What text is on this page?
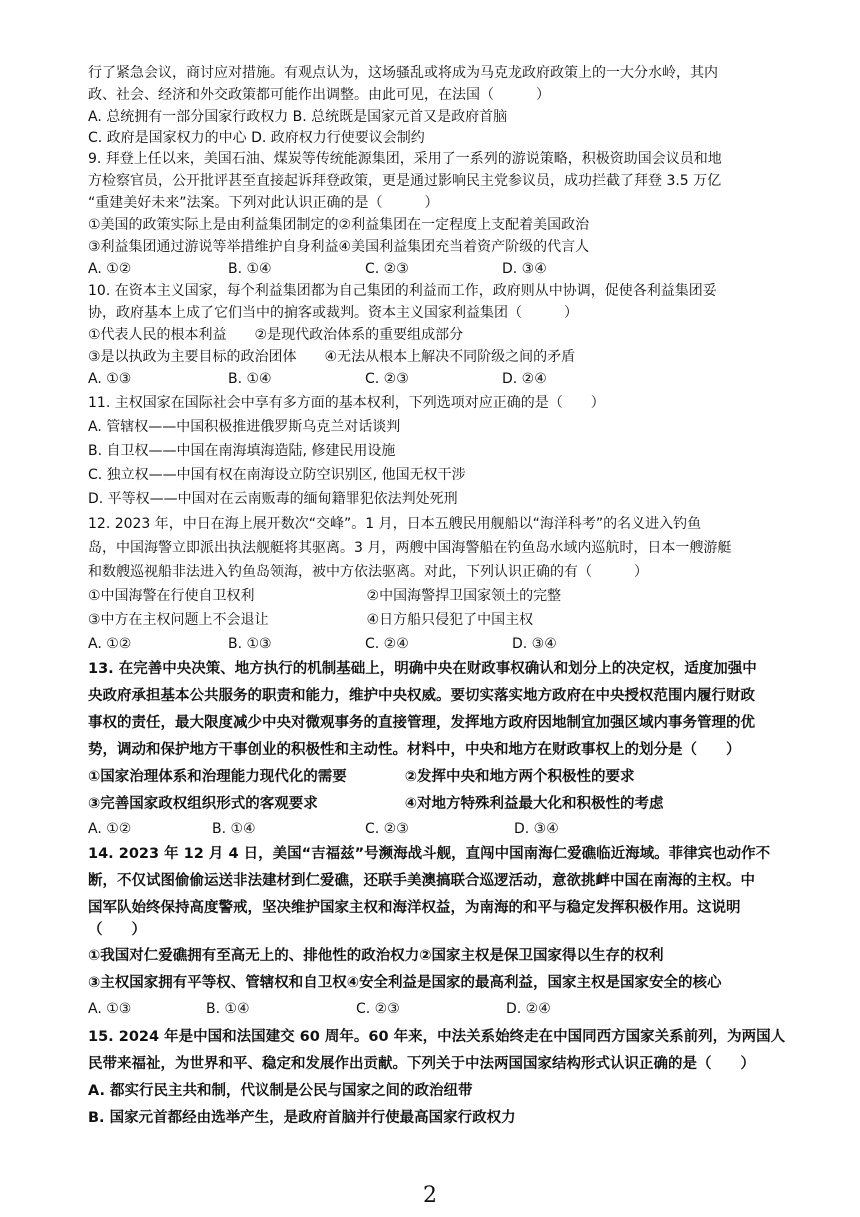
行了紧急会议，商讨应对措施。有观点认为，这场骚乱或将成为马克龙政府政策上的一大分水岭，其内
政、社会、经济和外交政策都可能作出调整。由此可见，在法国（　　　）
A. 总统拥有一部分国家行政权力 B. 总统既是国家元首又是政府首脑
C. 政府是国家权力的中心 D. 政府权力行使要议会制约
9. 拜登上任以来，美国石油、煤炭等传统能源集团，采用了一系列的游说策略，积极资助国会议员和地
方检察官员，公开批评甚至直接起诉拜登政策，更是通过影响民主党参议员，成功拦截了拜登 3.5 万亿
“重建美好未来”法案。下列对此认识正确的是（　　　）
①美国的政策实际上是由利益集团制定的②利益集团在一定程度上支配着美国政治
③利益集团通过游说等举措维护自身利益④美国利益集团充当着资产阶级的代言人
A. ①②	B. ①④	C. ②③	D. ③④
10. 在资本主义国家，每个利益集团都为自己集团的利益而工作，政府则从中协调，促使各利益集团妥
协，政府基本上成了它们当中的掮客或裁判。资本主义国家利益集团（　　　）
①代表人民的根本利益　　②是现代政治体系的重要组成部分
③是以执政为主要目标的政治团体　　④无法从根本上解决不同阶级之间的矛盾
A. ①③	B. ①④	C. ②③	D. ②④
11. 主权国家在国际社会中享有多方面的基本权利，下列选项对应正确的是（　　）
A. 管辖权——中国积极推进俄罗斯乌克兰对话谈判
B. 自卫权——中国在南海填海造陆, 修建民用设施
C. 独立权——中国有权在南海设立防空识别区, 他国无权干涉
D. 平等权——中国对在云南贩毒的缅甸籍罪犯依法判处死刑
12. 2023 年，中日在海上展开数次“交峰”。1 月，日本五艘民用舰船以“海洋科考”的名义进入钓鱼
岛，中国海警立即派出执法舰艇将其驱离。3 月，两艘中国海警船在钓鱼岛水域内巡航时，日本一艘游艇
和数艘巡视船非法进入钓鱼岛领海，被中方依法驱离。对此，下列认识正确的有（　　　）
①中国海警在行使自卫权利　　　　　　　　②中国海警捍卫国家领土的完整
③中方在主权问题上不会退让　　　　　　　④日方船只侵犯了中国主权
A. ①②	B. ①③	C. ②④	D. ③④
13. 在完善中央决策、地方执行的机制基础上，明确中央在财政事权确认和划分上的决定权，适度加强中
央政府承担基本公共服务的职责和能力，维护中央权威。要切实落实地方政府在中央授权范围内履行财政
事权的责任，最大限度减少中央对微观事务的直接管理，发挥地方政府因地制宜加强区域内事务管理的优
势，调动和保护地方干事创业的积极性和主动性。材料中，中央和地方在财政事权上的划分是（　　）
①国家治理体系和治理能力现代化的需要　　　　②发挥中央和地方两个积极性的要求
③完善国家政权组织形式的客观要求　　　　　　④对地方特殊利益最大化和积极性的考虑
A. ①②	B. ①④	C. ②③	D. ③④
14. 2023 年 12 月 4 日，美国“吉福兹”号濒海战斗舰，直闯中国南海仁爱礁临近海域。菲律宾也动作不
断，不仅试图偷偷运送非法建材到仁爱礁，还联手美澳搞联合巡逻活动，意欲挑衅中国在南海的主权。中
国军队始终保持高度警戒，坚决维护国家主权和海洋权益，为南海的和平与稳定发挥积极作用。这说明
（　　）
①我国对仁爱礁拥有至高无上的、排他性的政治权力②国家主权是保卫国家得以生存的权利
③主权国家拥有平等权、管辖权和自卫权④安全利益是国家的最高利益，国家主权是国家安全的核心
A. ①③	B. ①④	C. ②③	D. ②④
15. 2024 年是中国和法国建交 60 周年。60 年来，中法关系始终走在中国同西方国家关系前列，为两国人
民带来福祉，为世界和平、稳定和发展作出贡献。下列关于中法两国国家结构形式认识正确的是（　　）
A. 都实行民主共和制，代议制是公民与国家之间的政治纽带
B. 国家元首都经由选举产生，是政府首脑并行使最高国家行政权力
2
